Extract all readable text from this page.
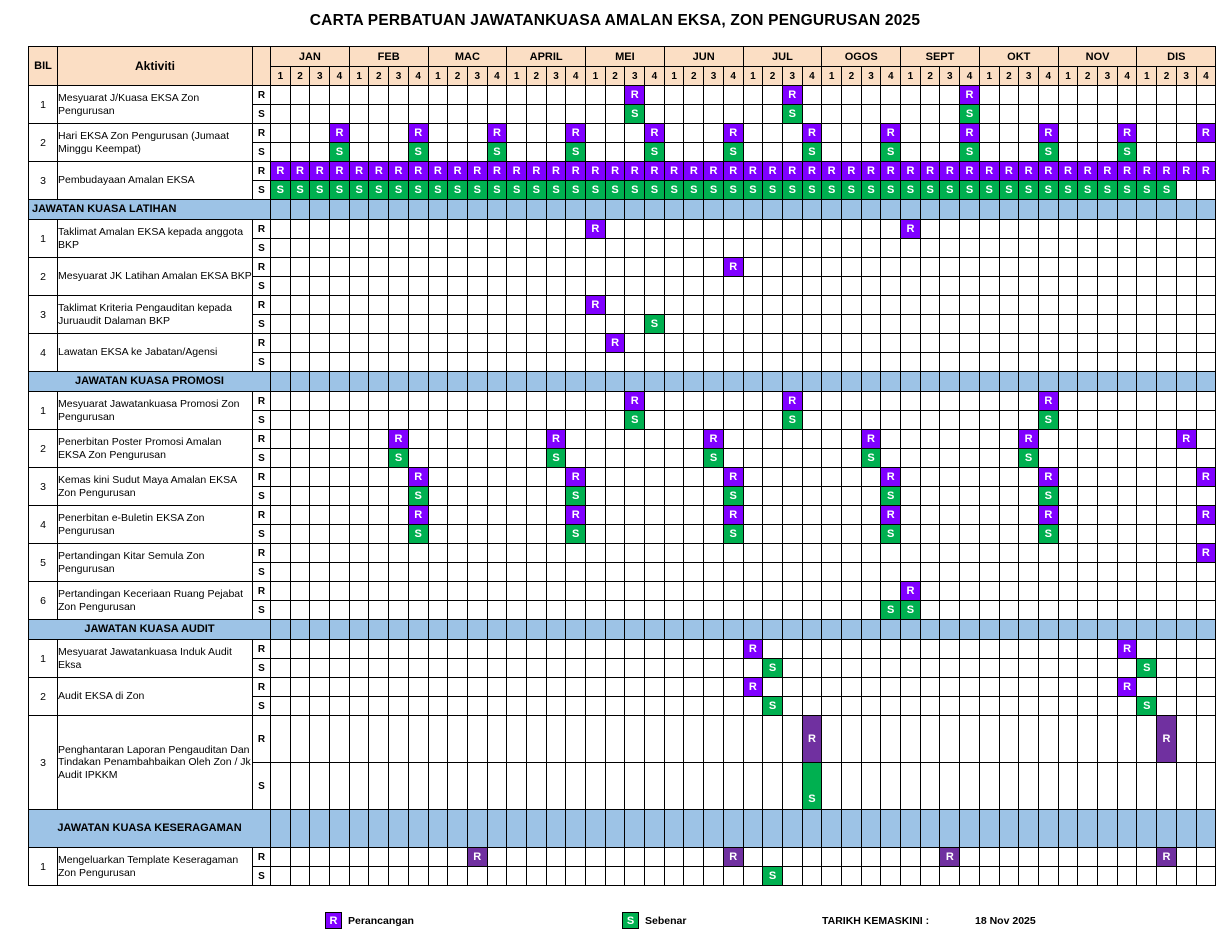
CARTA PERBATUAN JAWATANKUASA AMALAN EKSA, ZON PENGURUSAN 2025
BIL	Aktiviti		JAN				FEB				MAC				APRIL				MEI				JUN				JUL				OGOS				SEPT				OKT				NOV				DIS			
			1	2	3	4	1	2	3	4	1	2	3	4	1	2	3	4	1	2	3	4	1	2	3	4	1	2	3	4	1	2	3	4	1	2	3	4	1	2	3	4	1	2	3	4	1	2	3	4
1	Mesyuarat J/Kuasa EKSA Zon Pengurusan	R																			R								R									R												
		S																			S								S									S												
2	Hari EKSA Zon Pengurusan (Jumaat Minggu Keempat)	R				R				R				R				R				R				R				R				R				R				R				R				R
		S				S				S				S				S				S				S				S				S				S				S				S				
3	Pembudayaan Amalan EKSA	R	R	R	R	R	R	R	R	R	R	R	R	R	R	R	R	R	R	R	R	R	R	R	R	R	R	R	R	R	R	R	R	R	R	R	R	R	R	R	R	R	R	R	R	R	R	R	R	R
		S	S	S	S	S	S	S	S	S	S	S	S	S	S	S	S	S	S	S	S	S	S	S	S	S	S	S	S	S	S	S	S	S	S	S	S	S	S	S	S	S	S	S	S	S	S	S		
JAWATAN KUASA LATIHAN																																																		
1	Taklimat Amalan EKSA kepada anggota BKP	R																	R																R															
		S																																																
2	Mesyuarat JK Latihan Amalan EKSA BKP	R																								R																								
		S																																																
3	Taklimat Kriteria Pengauditan kepada Juruaudit Dalaman BKP	R																	R																															
		S																				S																												
4	Lawatan EKSA ke Jabatan/Agensi	R																		R																														
		S																																																
JAWATAN KUASA PROMOSI																																																		
1	Mesyuarat Jawatankuasa Promosi Zon Pengurusan	R																			R								R													R								
		S																			S								S													S								
2	Penerbitan Poster Promosi Amalan EKSA Zon Pengurusan	R							R								R								R								R								R								R	
		S							S								S								S								S								S									
3	Kemas kini Sudut Maya Amalan EKSA Zon Pengurusan	R								R								R								R								R								R								R
		S								S								S								S								S								S								
4	Penerbitan e-Buletin EKSA Zon Pengurusan	R								R								R								R								R								R								R
		S								S								S								S								S								S								
5	Pertandingan Kitar Semula Zon Pengurusan	R																																																R
		S																																																
6	Pertandingan Keceriaan Ruang Pejabat Zon Pengurusan	R																																	R															
		S																																S	S															
JAWATAN KUASA AUDIT																																																		
1	Mesyuarat Jawatankuasa Induk Audit Eksa	R																									R																			R				
		S																										S																			S			
2	Audit EKSA di Zon	R																									R																			R				
		S																										S																			S			
3	Penghantaran Laporan Pengauditan Dan Tindakan Penambahbaikan Oleh Zon / Jk Audit IPKKM	R																												R																		R		
		S																												S																				
JAWATAN KUASA KESERAGAMAN																																																		
1	Mengeluarkan Template Keseragaman Zon Pengurusan	R											R													R											R											R		
		S																										S																						
R	Perancangan	S	Sebenar	TARIKH KEMASKINI :	18 Nov 2025
